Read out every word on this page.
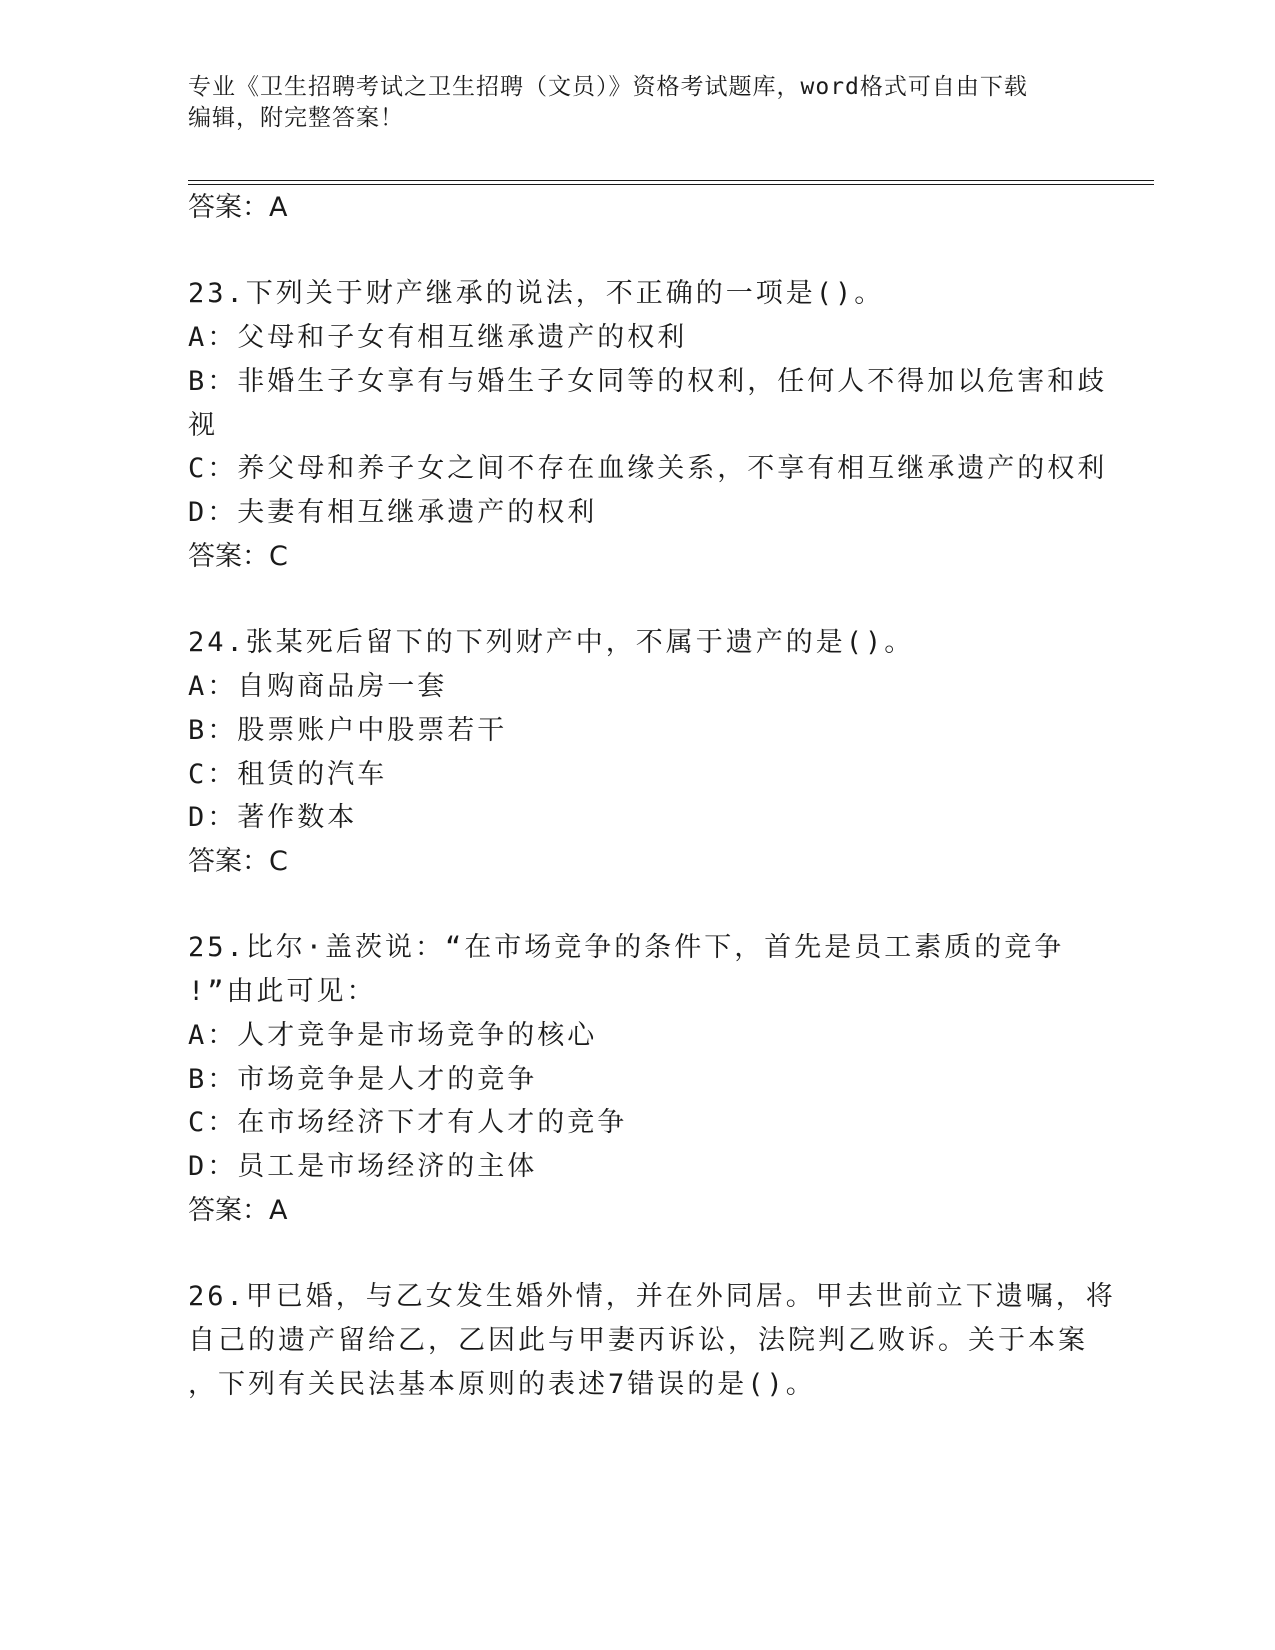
专业《卫生招聘考试之卫生招聘（文员）》资格考试题库，word格式可自由下载
编辑，附完整答案！
答案：A
23.下列关于财产继承的说法，不正确的一项是()。
A：父母和子女有相互继承遗产的权利
B：非婚生子女享有与婚生子女同等的权利，任何人不得加以危害和歧
视
C：养父母和养子女之间不存在血缘关系，不享有相互继承遗产的权利
D：夫妻有相互继承遗产的权利
答案：C
24.张某死后留下的下列财产中，不属于遗产的是()。
A：自购商品房一套
B：股票账户中股票若干
C：租赁的汽车
D：著作数本
答案：C
25.比尔·盖茨说：“在市场竞争的条件下，首先是员工素质的竞争
!”由此可见：
A：人才竞争是市场竞争的核心
B：市场竞争是人才的竞争
C：在市场经济下才有人才的竞争
D：员工是市场经济的主体
答案：A
26.甲已婚，与乙女发生婚外情，并在外同居。甲去世前立下遗嘱，将
自己的遗产留给乙，乙因此与甲妻丙诉讼，法院判乙败诉。关于本案
，下列有关民法基本原则的表述7错误的是()。
